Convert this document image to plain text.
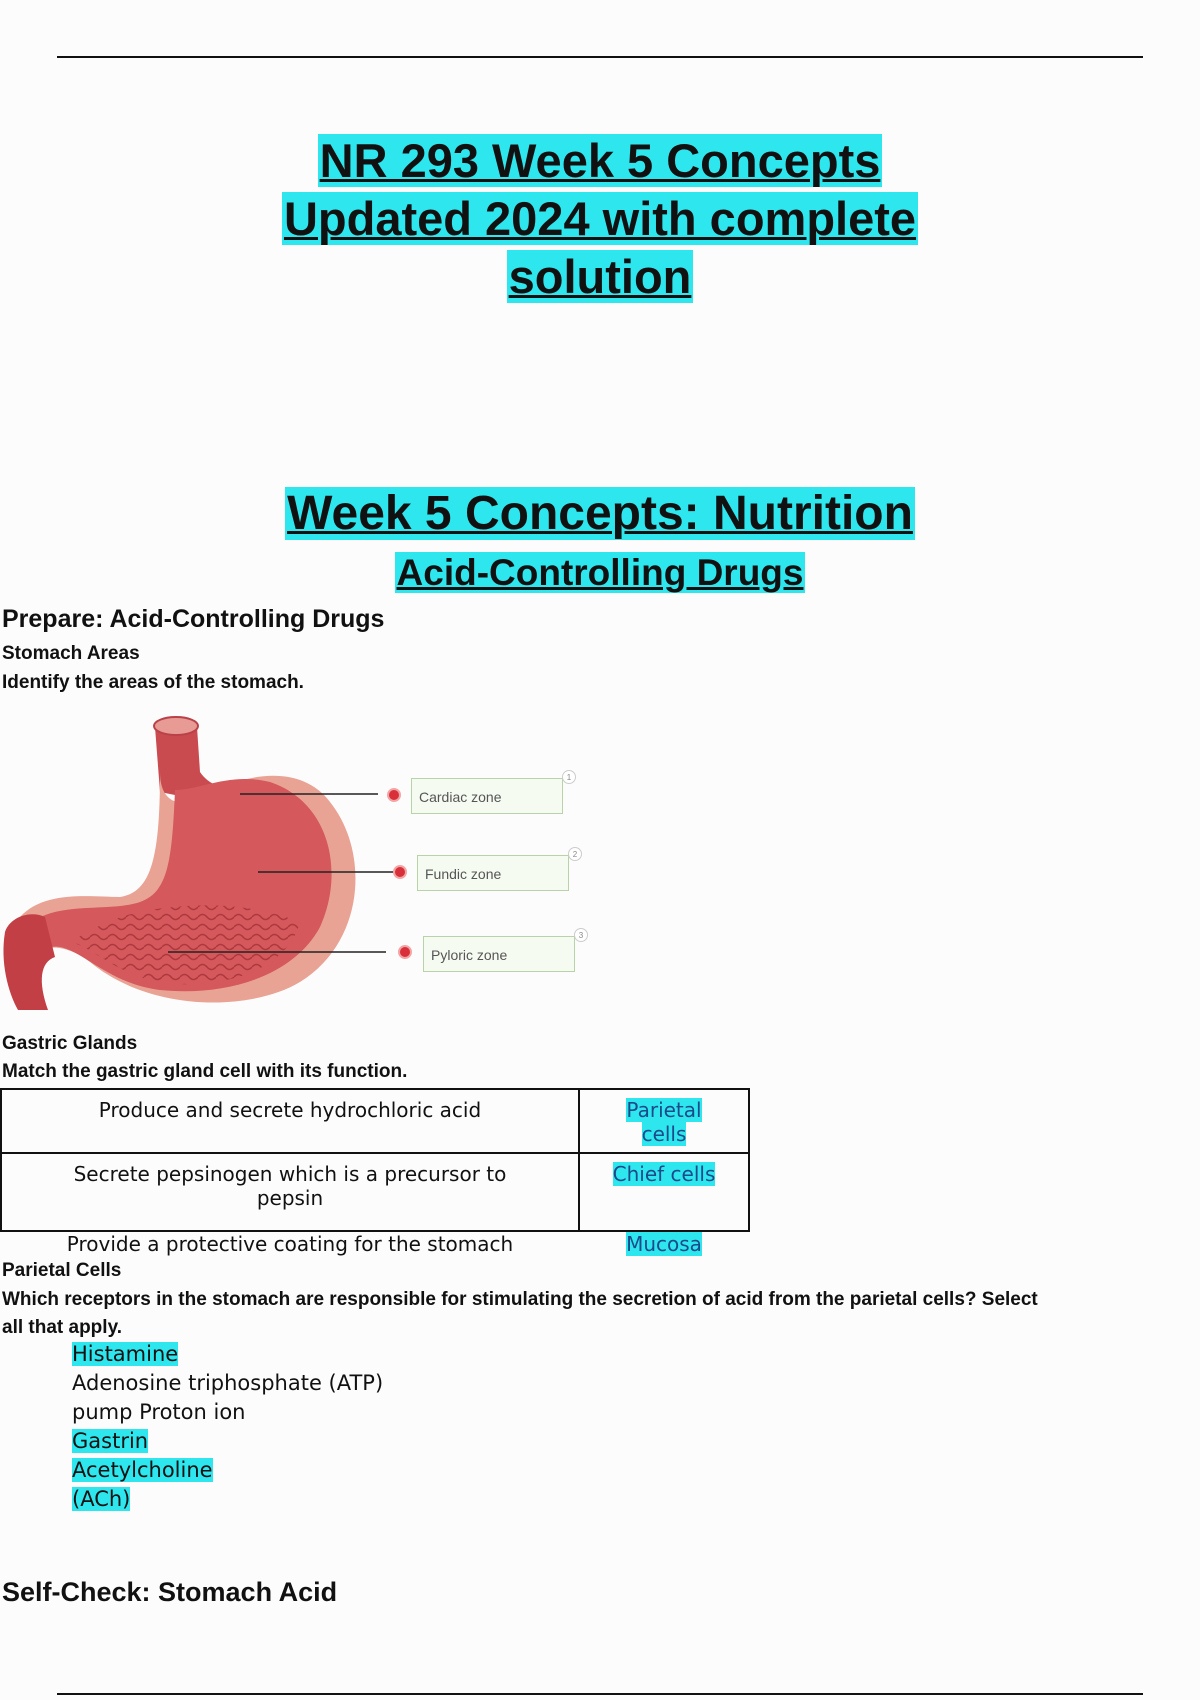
NR 293 Week 5 Concepts
Updated 2024 with complete
solution
Week 5 Concepts: Nutrition
Acid-Controlling Drugs
Prepare: Acid-Controlling Drugs
Stomach Areas
Identify the areas of the stomach.
Cardiac zone
1
Fundic zone
2
Pyloric zone
3
Gastric Glands
Match the gastric gland cell with its function.
Produce and secrete hydrochloric acid	Parietal
cells
Secrete pepsinogen which is a precursor to pepsin	Chief cells
Provide a protective coating for the stomach	Mucosa
Parietal Cells
Which receptors in the stomach are responsible for stimulating the secretion of acid from the parietal cells? Select
all that apply.
Histamine
Adenosine triphosphate (ATP)
pump Proton ion
Gastrin
Acetylcholine
(ACh)
Self-Check: Stomach Acid
